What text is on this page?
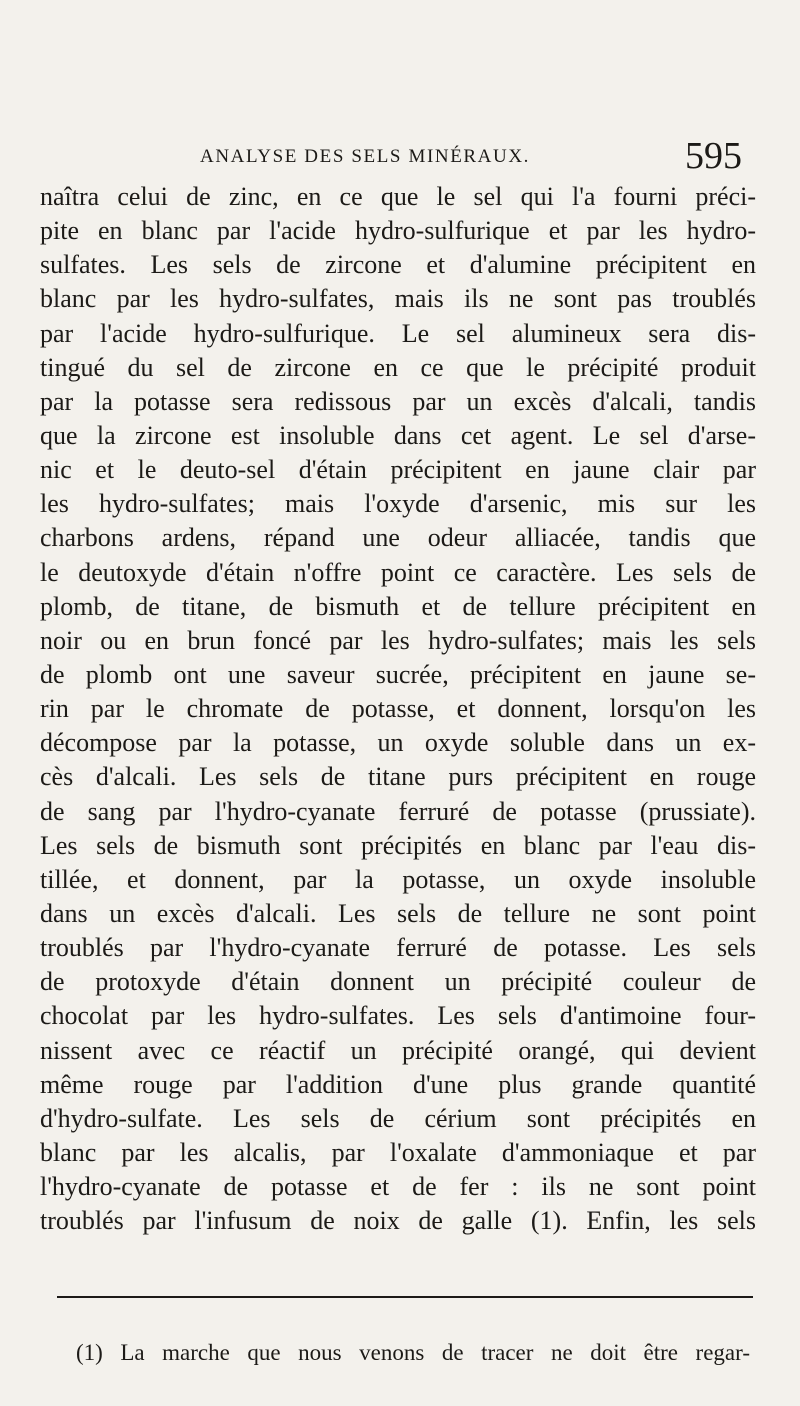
ANALYSE DES SELS MINÉRAUX.	595
naîtra celui de zinc, en ce que le sel qui l'a fourni préci-
pite en blanc par l'acide hydro-sulfurique et par les hydro-
sulfates. Les sels de zircone et d'alumine précipitent en
blanc par les hydro-sulfates, mais ils ne sont pas troublés
par l'acide hydro-sulfurique. Le sel alumineux sera dis-
tingué du sel de zircone en ce que le précipité produit
par la potasse sera redissous par un excès d'alcali, tandis
que la zircone est insoluble dans cet agent. Le sel d'arse-
nic et le deuto-sel d'étain précipitent en jaune clair par
les hydro-sulfates; mais l'oxyde d'arsenic, mis sur les
charbons ardens, répand une odeur alliacée, tandis que
le deutoxyde d'étain n'offre point ce caractère. Les sels de
plomb, de titane, de bismuth et de tellure précipitent en
noir ou en brun foncé par les hydro-sulfates; mais les sels
de plomb ont une saveur sucrée, précipitent en jaune se-
rin par le chromate de potasse, et donnent, lorsqu'on les
décompose par la potasse, un oxyde soluble dans un ex-
cès d'alcali. Les sels de titane purs précipitent en rouge
de sang par l'hydro-cyanate ferruré de potasse (prussiate).
Les sels de bismuth sont précipités en blanc par l'eau dis-
tillée, et donnent, par la potasse, un oxyde insoluble
dans un excès d'alcali. Les sels de tellure ne sont point
troublés par l'hydro-cyanate ferruré de potasse. Les sels
de protoxyde d'étain donnent un précipité couleur de
chocolat par les hydro-sulfates. Les sels d'antimoine four-
nissent avec ce réactif un précipité orangé, qui devient
même rouge par l'addition d'une plus grande quantité
d'hydro-sulfate. Les sels de cérium sont précipités en
blanc par les alcalis, par l'oxalate d'ammoniaque et par
l'hydro-cyanate de potasse et de fer : ils ne sont point
troublés par l'infusum de noix de galle (1). Enfin, les sels
(1) La marche que nous venons de tracer ne doit être regar-
